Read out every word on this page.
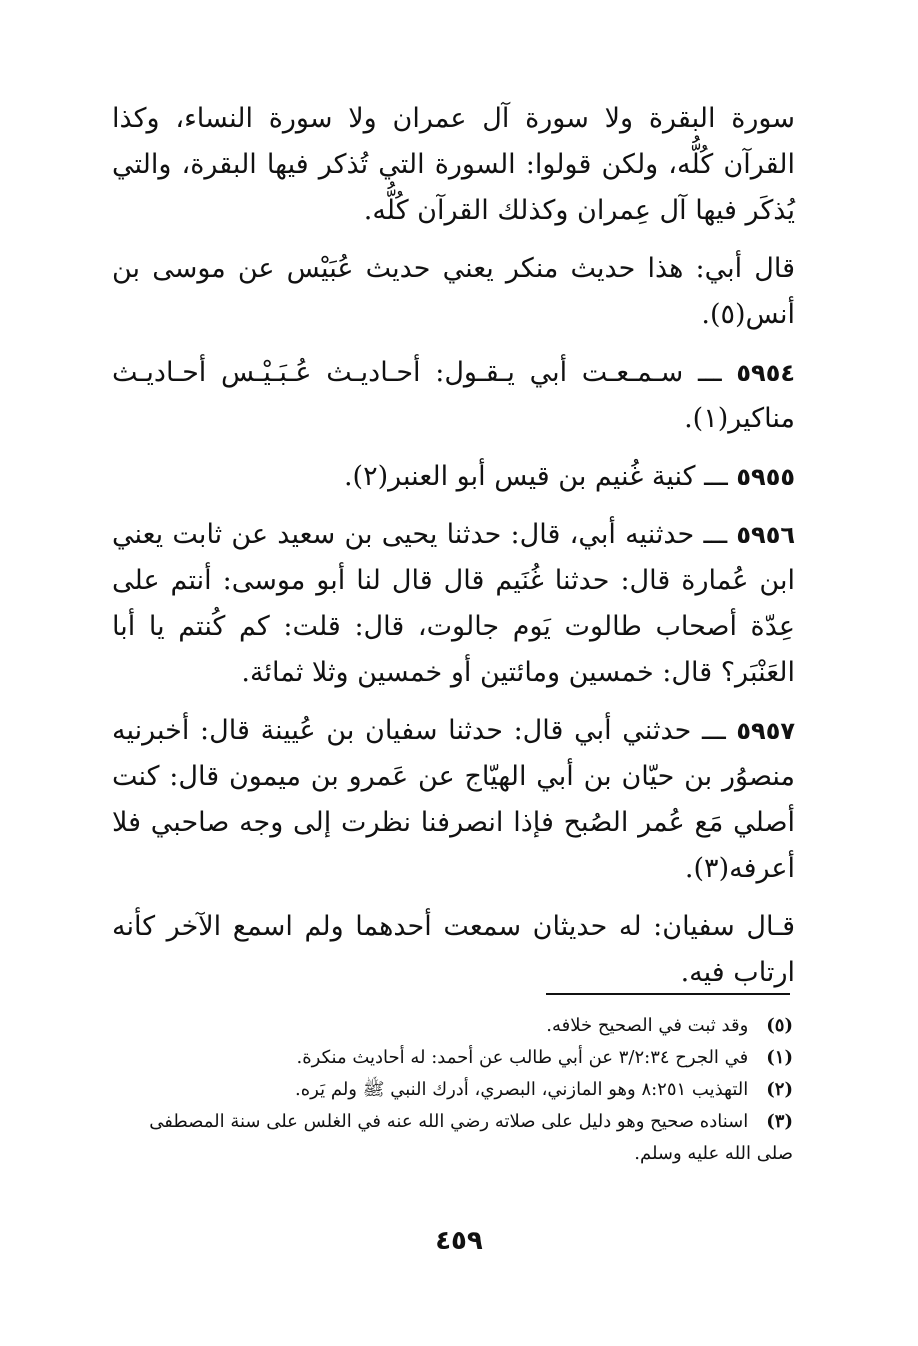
سورة البقرة ولا سورة آل عمران ولا سورة النساء، وكذا القرآن كُلُّه، ولكن قولوا: السورة التي تُذكر فيها البقرة، والتي يُذكَر فيها آل عِمران وكذلك القرآن كُلُّه.

قال أبي: هذا حديث منكر يعني حديث عُبَيْس عن موسى بن أنس(٥).

٥٩٥٤ ـــ سـمـعـت أبي يـقـول: أحـاديـث عُـبَـيْـس أحـاديـث مناكير(١).

٥٩٥٥ ـــ كنية غُنيم بن قيس أبو العنبر(٢).

٥٩٥٦ ـــ حدثنيه أبي، قال: حدثنا يحيى بن سعيد عن ثابت يعني ابن عُمارة قال: حدثنا غُنَيم قال قال لنا أبو موسى: أنتم على عِدّة أصحاب طالوت يَوم جالوت، قال: قلت: كم كُنتم يا أبا العَنْبَر؟ قال: خمسين ومائتين أو خمسين وثلا ثمائة.

٥٩٥٧ ـــ حدثني أبي قال: حدثنا سفيان بن عُيينة قال: أخبرنيه منصوُر بن حيّان بن أبي الهيّاج عن عَمرو بن ميمون قال: كنت أصلي مَع عُمر الصُبح فإذا انصرفنا نظرت إلى وجه صاحبي فلا أعرفه(٣).

قـال سفيان: له حديثان سمعت أحدهما ولم اسمع الآخر كأنه ارتاب فيه.

(٥)وقد ثبت في الصحيح خلافه.

(١)في الجرح ٣/٢:٣٤ عن أبي طالب عن أحمد: له أحاديث منكرة.

(٢)التهذيب ٨:٢٥١ وهو المازني، البصري، أدرك النبي ﷺ ولم يَره.

(٣)اسناده صحيح وهو دليل على صلاته رضي الله عنه في الغلس على سنة المصطفى صلى الله عليه وسلم.

٤٥٩
